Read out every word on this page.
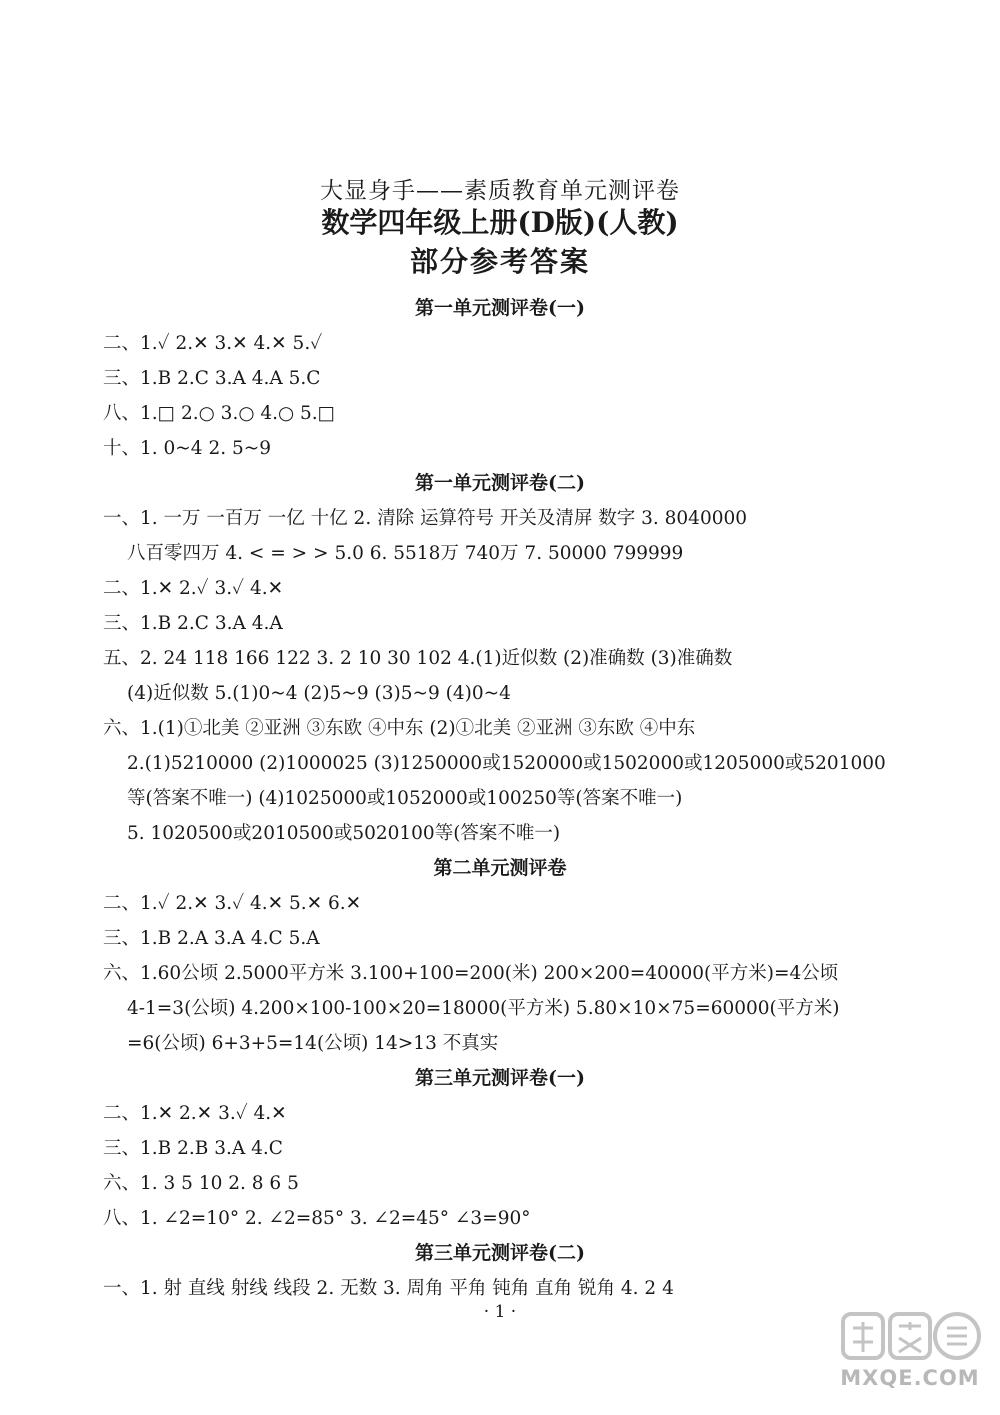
大显身手——素质教育单元测评卷
数学四年级上册(D版)(人教)
部分参考答案
第一单元测评卷(一)
二、1.✓ 2.✕ 3.✕ 4.✕ 5.✓
三、1.B 2.C 3.A 4.A 5.C
八、1.□ 2.○ 3.○ 4.○ 5.□
十、1. 0~4 2. 5~9
第一单元测评卷(二)
一、1. 一万 一百万 一亿 十亿 2. 清除 运算符号 开关及清屏 数字 3. 8040000
八百零四万 4. < = > > 5.0 6. 5518万 740万 7. 50000 799999
二、1.✕ 2.✓ 3.✓ 4.✕
三、1.B 2.C 3.A 4.A
五、2. 24 118 166 122 3. 2 10 30 102 4.(1)近似数 (2)准确数 (3)准确数
(4)近似数 5.(1)0~4 (2)5~9 (3)5~9 (4)0~4
六、1.(1)①北美 ②亚洲 ③东欧 ④中东 (2)①北美 ②亚洲 ③东欧 ④中东
2.(1)5210000 (2)1000025 (3)1250000或1520000或1502000或1205000或5201000
等(答案不唯一) (4)1025000或1052000或100250等(答案不唯一)
5. 1020500或2010500或5020100等(答案不唯一)
第二单元测评卷
二、1.✓ 2.✕ 3.✓ 4.✕ 5.✕ 6.✕
三、1.B 2.A 3.A 4.C 5.A
六、1.60公顷 2.5000平方米 3.100+100=200(米) 200×200=40000(平方米)=4公顷
4-1=3(公顷) 4.200×100-100×20=18000(平方米) 5.80×10×75=60000(平方米)
=6(公顷) 6+3+5=14(公顷) 14>13 不真实
第三单元测评卷(一)
二、1.✕ 2.✕ 3.✓ 4.✕
三、1.B 2.B 3.A 4.C
六、1. 3 5 10 2. 8 6 5
八、1. ∠2=10° 2. ∠2=85° 3. ∠2=45° ∠3=90°
第三单元测评卷(二)
一、1. 射 直线 射线 线段 2. 无数 3. 周角 平角 钝角 直角 锐角 4. 2 4
· 1 ·
MXQE.COM
